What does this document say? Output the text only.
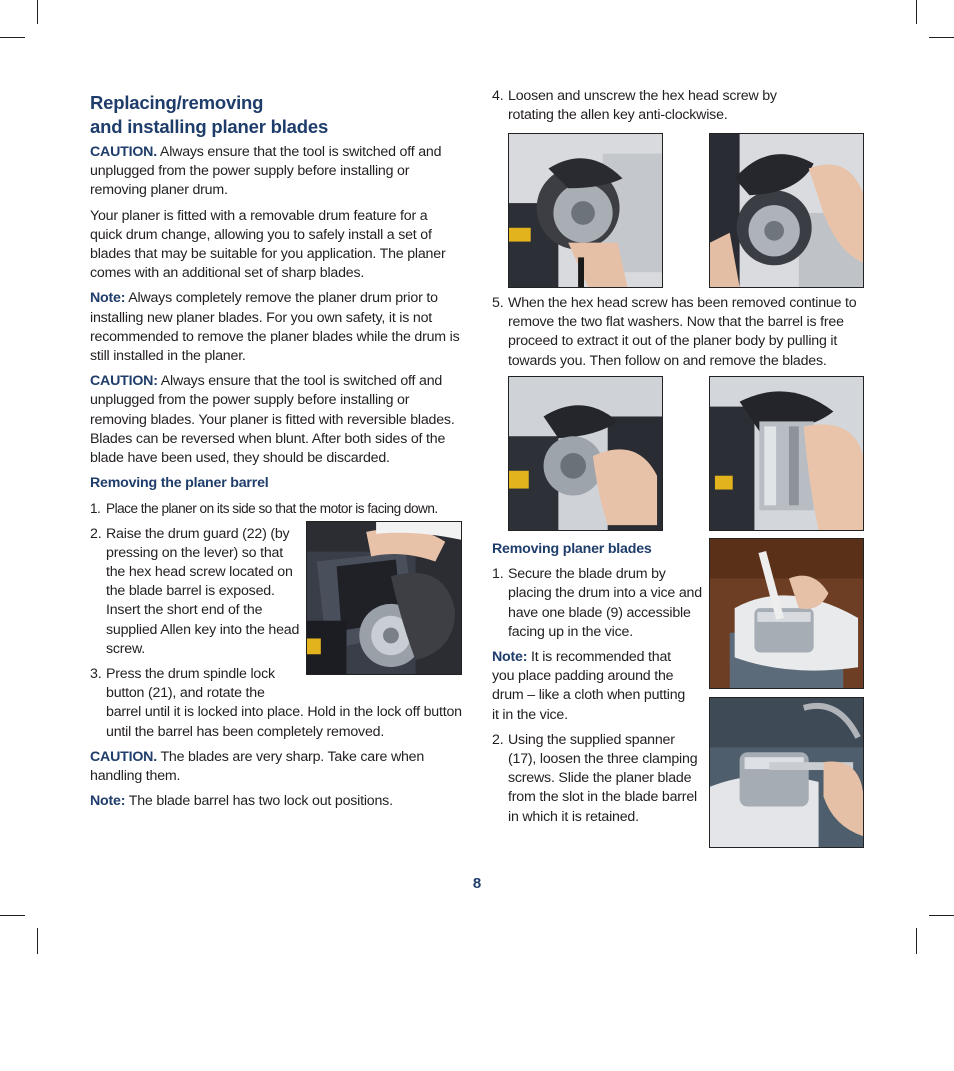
Replacing/removing
and installing planer blades

CAUTION. Always ensure that the tool is switched off and unplugged from the power supply before installing or removing planer drum.

Your planer is fitted with a removable drum feature for a quick drum change, allowing you to safely install a set of blades that may be suitable for you application. The planer comes with an additional set of sharp blades.

Note: Always completely remove the planer drum prior to installing new planer blades. For you own safety, it is not recommended to remove the planer blades while the drum is still installed in the planer.

CAUTION: Always ensure that the tool is switched off and unplugged from the power supply before installing or removing blades. Your planer is fitted with reversible blades. Blades can be reversed when blunt. After both sides of the blade have been used, they should be discarded.

Removing the planer barrel
1. Place the planer on its side so that the motor is facing down.
2. Raise the drum guard (22) (by pressing on the lever) so that the hex head screw located on the blade barrel is exposed. Insert the short end of the supplied Allen key into the head screw.
3. Press the drum spindle lock button (21), and rotate the
barrel until it is locked into place. Hold in the lock off button until the barrel has been completely removed.

CAUTION. The blades are very sharp. Take care when handling them.

Note: The blade barrel has two lock out positions.

4. Loosen and unscrew the hex head screw by rotating the allen key anti-clockwise.
5. When the hex head screw has been removed continue to remove the two flat washers. Now that the barrel is free proceed to extract it out of the planer body by pulling it towards you. Then follow on and remove the blades.
Removing planer blades
1. Secure the blade drum by placing the drum into a vice and have one blade (9) accessible facing up in the vice.

Note: It is recommended that you place padding around the drum – like a cloth when putting it in the vice.

2. Using the supplied spanner (17), loosen the three clamping screws. Slide the planer blade from the slot in the blade barrel in which it is retained.
8
